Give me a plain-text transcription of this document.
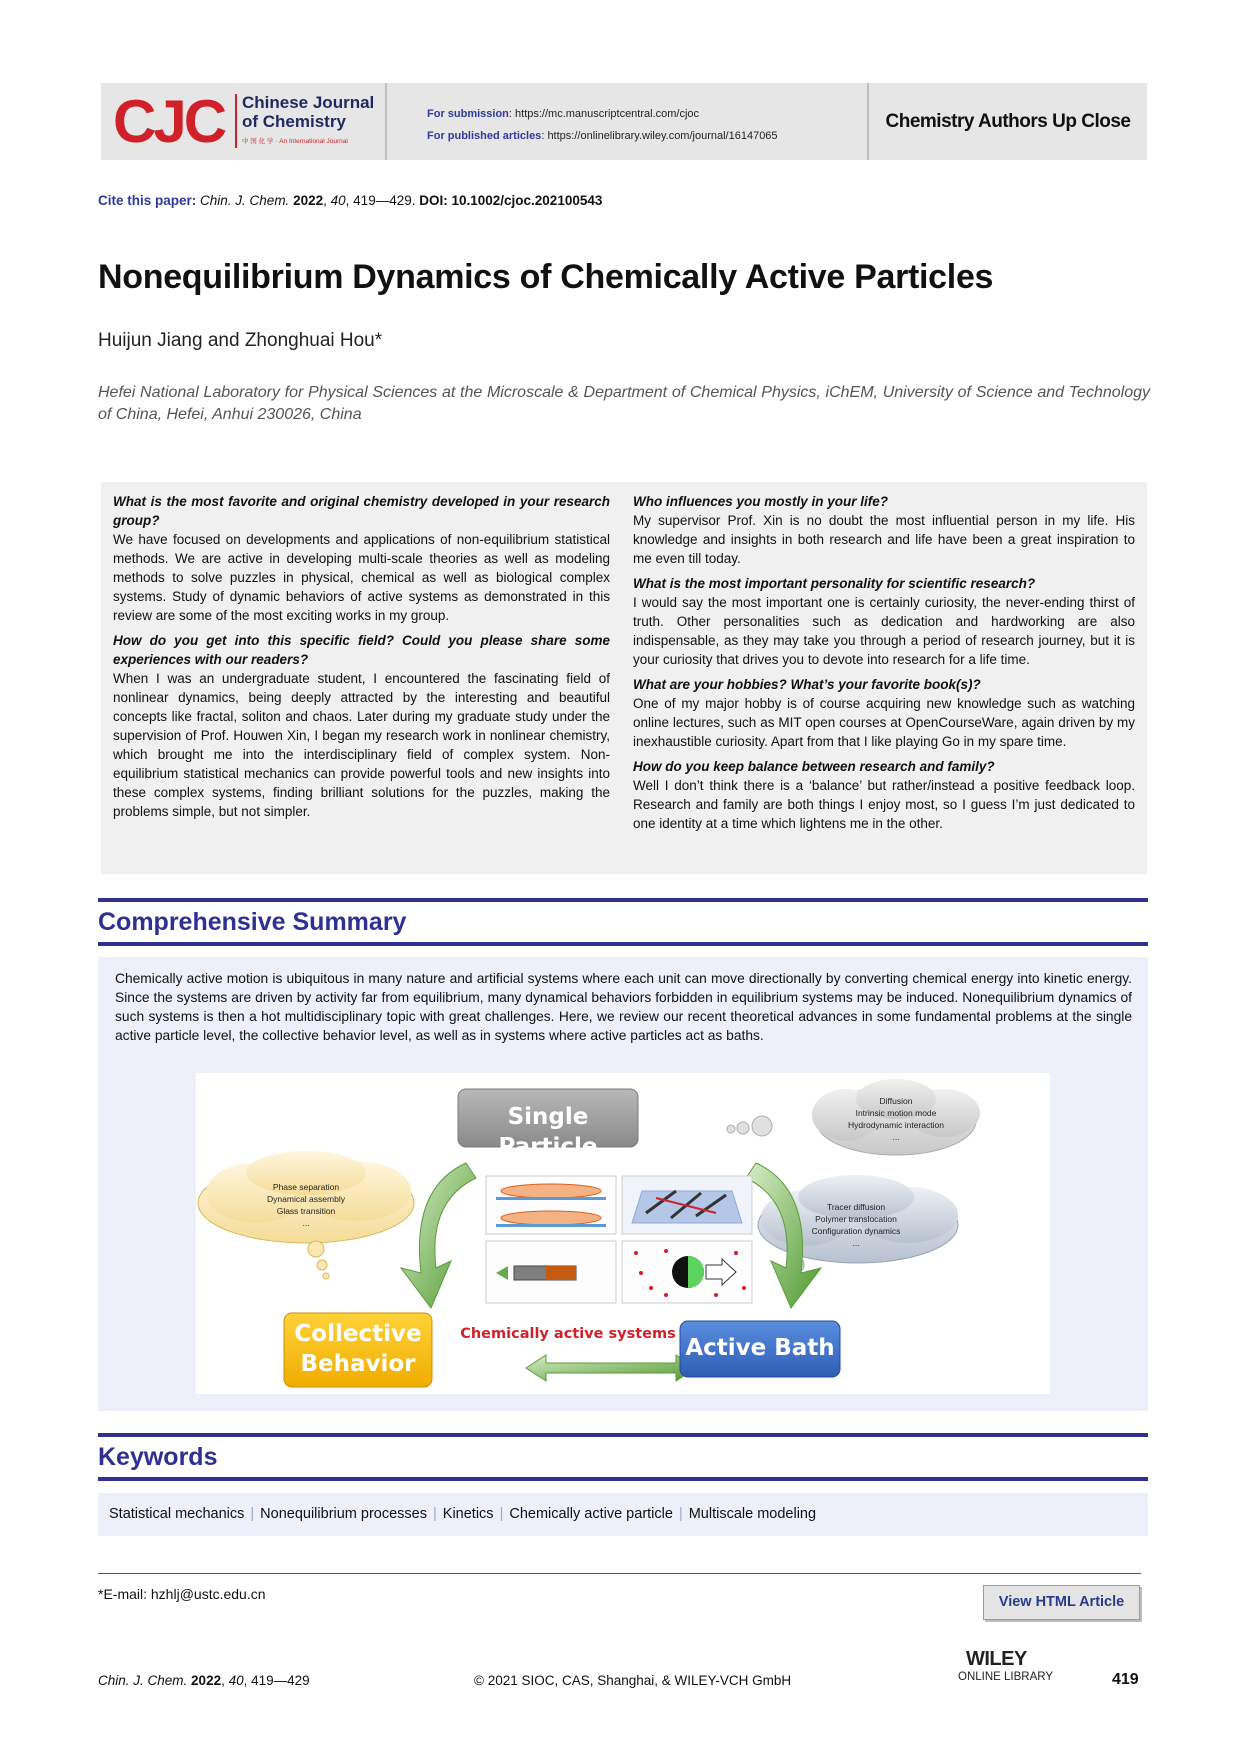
CJC Chinese Journal
of Chemistry
中 国 化 学 · An International Journal
For submission: https://mc.manuscriptcentral.com/cjoc
For published articles: https://onlinelibrary.wiley.com/journal/16147065
Chemistry Authors Up Close
Cite this paper: Chin. J. Chem. 2022, 40, 419—429. DOI: 10.1002/cjoc.202100543
Nonequilibrium Dynamics of Chemically Active Particles
Huijun Jiang and Zhonghuai Hou*
Hefei National Laboratory for Physical Sciences at the Microscale & Department of Chemical Physics, iChEM, University of Science and Technology of China, Hefei, Anhui 230026, China
What is the most favorite and original chemistry developed in your research group?
We have focused on developments and applications of non-equilibrium statistical methods. We are active in developing multi-scale theories as well as modeling methods to solve puzzles in physical, chemical as well as biological complex systems. Study of dynamic behaviors of active systems as demonstrated in this review are some of the most exciting works in my group.
How do you get into this specific field? Could you please share some experiences with our readers?
When I was an undergraduate student, I encountered the fascinating field of nonlinear dynamics, being deeply attracted by the interesting and beautiful concepts like fractal, soliton and chaos. Later during my graduate study under the supervision of Prof. Houwen Xin, I began my research work in nonlinear chemistry, which brought me into the interdisciplinary field of complex system. Non-equilibrium statistical mechanics can provide powerful tools and new insights into these complex systems, finding brilliant solutions for the puzzles, making the problems simple, but not simpler.
Who influences you mostly in your life?
My supervisor Prof. Xin is no doubt the most influential person in my life. His knowledge and insights in both research and life have been a great inspiration to me even till today.
What is the most important personality for scientific research?
I would say the most important one is certainly curiosity, the never-ending thirst of truth. Other personalities such as dedication and hardworking are also indispensable, as they may take you through a period of research journey, but it is your curiosity that drives you to devote into research for a life time.
What are your hobbies? What’s your favorite book(s)?
One of my major hobby is of course acquiring new knowledge such as watching online lectures, such as MIT open courses at OpenCourseWare, again driven by my inexhaustible curiosity. Apart from that I like playing Go in my spare time.
How do you keep balance between research and family?
Well I don’t think there is a ‘balance’ but rather/instead a positive feedback loop. Research and family are both things I enjoy most, so I guess I’m just dedicated to one identity at a time which lightens me in the other.
Comprehensive Summary
Chemically active motion is ubiquitous in many nature and artificial systems where each unit can move directionally by converting chemical energy into kinetic energy. Since the systems are driven by activity far from equilibrium, many dynamical behaviors forbidden in equilibrium systems may be induced. Nonequilibrium dynamics of such systems is then a hot multidisciplinary topic with great challenges. Here, we review our recent theoretical advances in some fundamental problems at the single active particle level, the collective behavior level, as well as in systems where active particles act as baths.
Single Particle
Collective
Behavior
Active Bath
Chemically active systems
Diffusion
Intrinsic motion mode
Hydrodynamic interaction
...
Phase separation
Dynamical assembly
Glass transition
...
Tracer diffusion
Polymer translocation
Configuration dynamics
...
Keywords
Statistical mechanics | Nonequilibrium processes | Kinetics | Chemically active particle | Multiscale modeling
*E-mail: hzhlj@ustc.edu.cn	View HTML Article
Chin. J. Chem. 2022, 40, 419—429	© 2021 SIOC, CAS, Shanghai, & WILEY-VCH GmbH
WILEY
ONLINE LIBRARY	419
